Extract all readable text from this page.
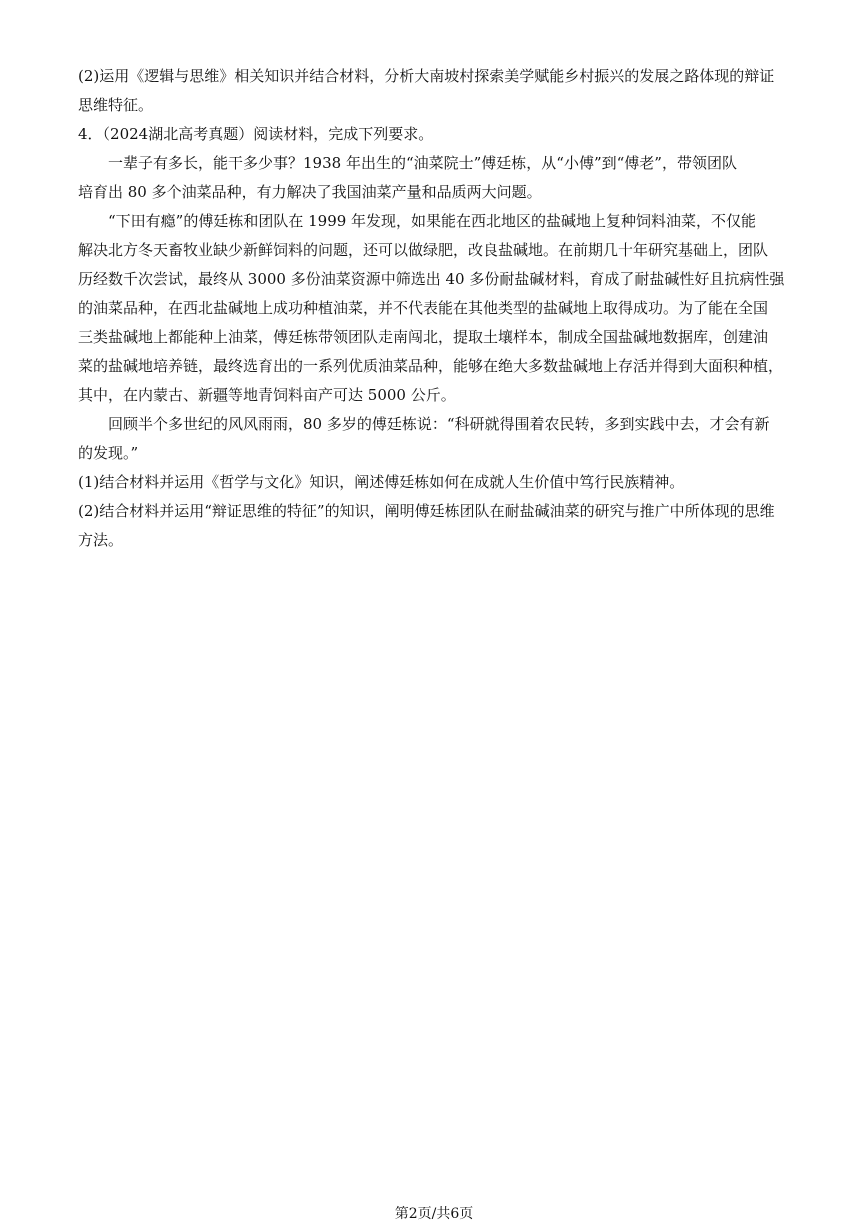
(2)运用《逻辑与思维》相关知识并结合材料，分析大南坡村探索美学赋能乡村振兴的发展之路体现的辩证
思维特征。
4．（2024湖北高考真题）阅读材料，完成下列要求。
一辈子有多长，能干多少事？1938 年出生的“油菜院士”傅廷栋，从“小傅”到“傅老”，带领团队
培育出 80 多个油菜品种，有力解决了我国油菜产量和品质两大问题。
“下田有瘾”的傅廷栋和团队在 1999 年发现，如果能在西北地区的盐碱地上复种饲料油菜，不仅能
解决北方冬天畜牧业缺少新鲜饲料的问题，还可以做绿肥，改良盐碱地。在前期几十年研究基础上，团队
历经数千次尝试，最终从 3000 多份油菜资源中筛选出 40 多份耐盐碱材料，育成了耐盐碱性好且抗病性强
的油菜品种，在西北盐碱地上成功种植油菜，并不代表能在其他类型的盐碱地上取得成功。为了能在全国
三类盐碱地上都能种上油菜，傅廷栋带领团队走南闯北，提取土壤样本，制成全国盐碱地数据库，创建油
菜的盐碱地培养链，最终选育出的一系列优质油菜品种，能够在绝大多数盐碱地上存活并得到大面积种植，
其中，在内蒙古、新疆等地青饲料亩产可达 5000 公斤。
回顾半个多世纪的风风雨雨，80 多岁的傅廷栋说：“科研就得围着农民转，多到实践中去，才会有新
的发现。”
(1)结合材料并运用《哲学与文化》知识，阐述傅廷栋如何在成就人生价值中笃行民族精神。
(2)结合材料并运用“辩证思维的特征”的知识，阐明傅廷栋团队在耐盐碱油菜的研究与推广中所体现的思维
方法。
第2页/共6页
